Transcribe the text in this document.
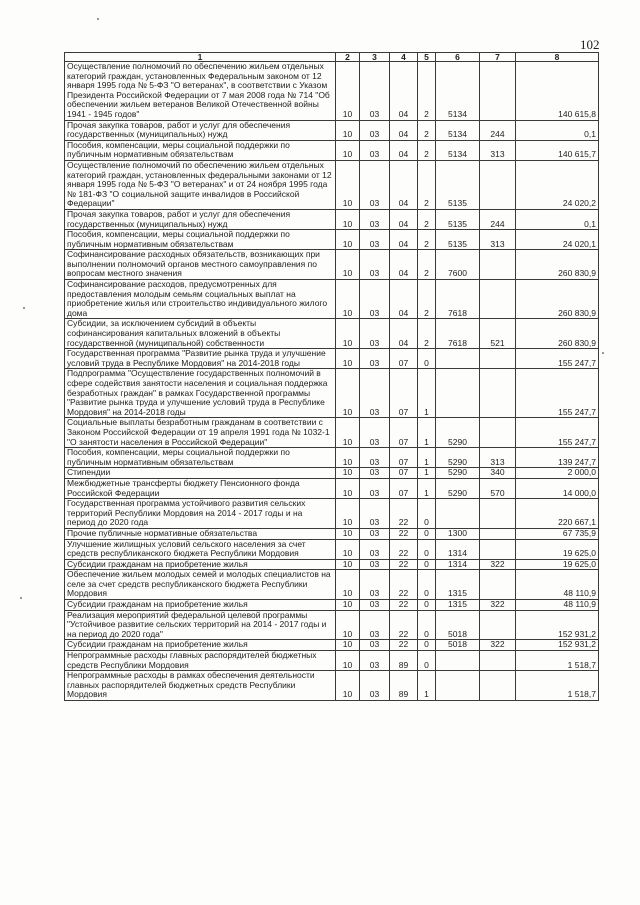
102
1	2	3	4	5	6	7	8
Осуществление полномочий по обеспечению жильем отдельных категорий граждан, установленных Федеральным законом от 12 января 1995 года № 5-ФЗ "О ветеранах", в соответствии с Указом Президента Российской Федерации от 7 мая 2008 года № 714 "Об обеспечении жильем ветеранов Великой Отечественной войны 1941 - 1945 годов"	10	03	04	2	5134		140 615,8
Прочая закупка товаров, работ и услуг для обеспечения государственных (муниципальных) нужд	10	03	04	2	5134	244	0,1
Пособия, компенсации, меры социальной поддержки по публичным нормативным обязательствам	10	03	04	2	5134	313	140 615,7
Осуществление полномочий по обеспечению жильем отдельных категорий граждан, установленных федеральными законами от 12 января 1995 года № 5-ФЗ "О ветеранах" и от 24 ноября 1995 года № 181-ФЗ "О социальной защите инвалидов в Российской Федерации"	10	03	04	2	5135		24 020,2
Прочая закупка товаров, работ и услуг для обеспечения государственных (муниципальных) нужд	10	03	04	2	5135	244	0,1
Пособия, компенсации, меры социальной поддержки по публичным нормативным обязательствам	10	03	04	2	5135	313	24 020,1
Софинансирование расходных обязательств, возникающих при выполнении полномочий органов местного самоуправления по вопросам местного значения	10	03	04	2	7600		260 830,9
Софинансирование расходов, предусмотренных для предоставления молодым семьям социальных выплат на приобретение жилья или строительство индивидуального жилого дома	10	03	04	2	7618		260 830,9
Субсидии, за исключением субсидий в объекты софинансирования капитальных вложений в объекты государственной (муниципальной) собственности	10	03	04	2	7618	521	260 830,9
Государственная программа "Развитие рынка труда и улучшение условий труда в Республике Мордовия" на 2014-2018 годы	10	03	07	0			155 247,7
Подпрограмма "Осуществление государственных полномочий в сфере содействия занятости населения и социальная поддержка безработных граждан" в рамках Государственной программы "Развитие рынка труда и улучшение условий труда в Республике Мордовия" на 2014-2018 годы	10	03	07	1			155 247,7
Социальные выплаты безработным гражданам в соответствии с Законом Российской Федерации от 19 апреля 1991 года № 1032-1 "О занятости населения в Российской Федерации"	10	03	07	1	5290		155 247,7
Пособия, компенсации, меры социальной поддержки по публичным нормативным обязательствам	10	03	07	1	5290	313	139 247,7
Стипендии	10	03	07	1	5290	340	2 000,0
Межбюджетные трансферты бюджету Пенсионного фонда Российской Федерации	10	03	07	1	5290	570	14 000,0
Государственная программа устойчивого развития сельских территорий Республики Мордовия на 2014 - 2017 годы и на период до 2020 года	10	03	22	0			220 667,1
Прочие публичные нормативные обязательства	10	03	22	0	1300		67 735,9
Улучшение жилищных условий сельского населения за счет средств республиканского бюджета Республики Мордовия	10	03	22	0	1314		19 625,0
Субсидии гражданам на приобретение жилья	10	03	22	0	1314	322	19 625,0
Обеспечение жильем молодых семей и молодых специалистов на селе за счет средств республиканского бюджета Республики Мордовия	10	03	22	0	1315		48 110,9
Субсидии гражданам на приобретение жилья	10	03	22	0	1315	322	48 110,9
Реализация мероприятий федеральной целевой программы "Устойчивое развитие сельских территорий на 2014 - 2017 годы и на период до 2020 года"	10	03	22	0	5018		152 931,2
Субсидии гражданам на приобретение жилья	10	03	22	0	5018	322	152 931,2
Непрограммные расходы главных распорядителей бюджетных средств Республики Мордовия	10	03	89	0			1 518,7
Непрограммные расходы в рамках обеспечения деятельности главных распорядителей бюджетных средств Республики Мордовия	10	03	89	1			1 518,7
